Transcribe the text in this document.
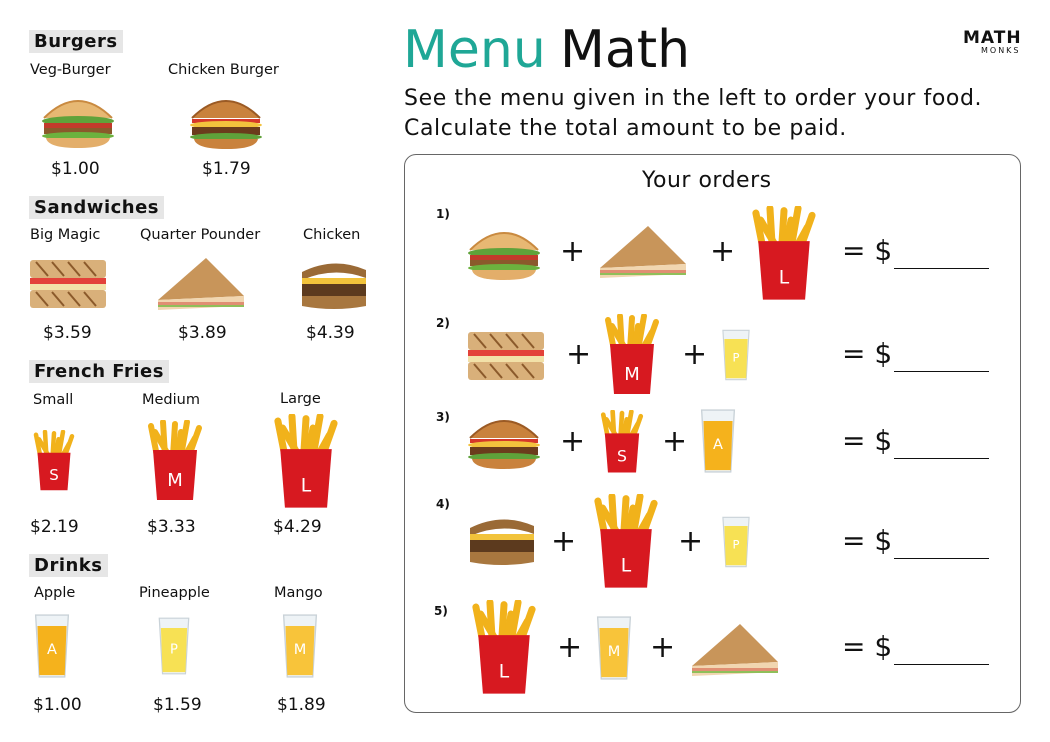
Burgers
Veg-Burger	Chicken Burger
$1.00	$1.79
Sandwiches
Big Magic	Quarter Pounder	Chicken
$3.59	$3.89	$4.39
French Fries
Small	Medium	Large
S	M	L
$2.19	$3.33	$4.29
Drinks
Apple	Pineapple	Mango
A	P	M
$1.00	$1.59	$1.89
Menu Math	MATH
MONKS
See the menu given in the left to order your food.
Calculate the total amount to be paid.
Your orders
1)
+	+
L
= $
2)
+
M
+ P	= $
3)
+ S + A	= $
4)
+
L
+ P	= $
5)
L
+ M +	= $
